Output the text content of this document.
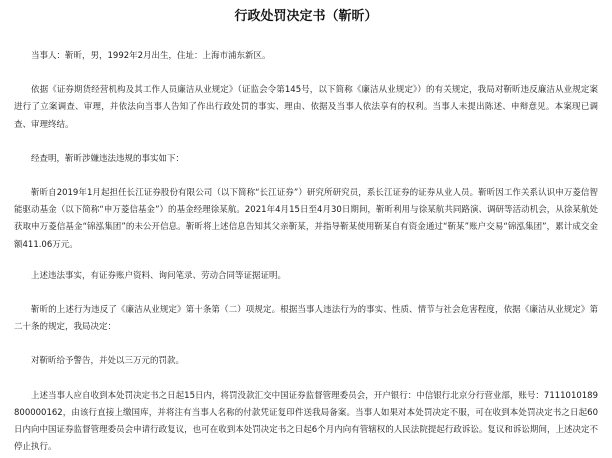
行政处罚决定书（靳昕）

当事人：靳昕，男，1992年2月出生，住址：上海市浦东新区。

依据《证券期货经营机构及其工作人员廉洁从业规定》（证监会令第145号，以下简称《廉洁从业规定》）的有关规定，我局对靳昕违反廉洁从业规定案进行了立案调查、审理，并依法向当事人告知了作出行政处罚的事实、理由、依据及当事人依法享有的权利。当事人未提出陈述、申辩意见。本案现已调查、审理终结。

经查明，靳昕涉嫌违法违规的事实如下：

靳昕自2019年1月起担任长江证券股份有限公司（以下简称“长江证券”）研究所研究员，系长江证券的证券从业人员。靳昕因工作关系认识申万菱信智能驱动基金（以下简称“申万菱信基金”）的基金经理徐某航。2021年4月15日至4月30日期间，靳昕利用与徐某航共同路演、调研等活动机会，从徐某航处获取申万菱信基金“锦泓集团”的未公开信息。靳昕将上述信息告知其父亲靳某，并指导靳某使用靳某自有资金通过“靳某”账户交易“锦泓集团”，累计成交金额411.06万元。

上述违法事实，有证券账户资料、询问笔录、劳动合同等证据证明。

靳昕的上述行为违反了《廉洁从业规定》第十条第（二）项规定。根据当事人违法行为的事实、性质、情节与社会危害程度，依据《廉洁从业规定》第二十条的规定，我局决定：

对靳昕给予警告，并处以三万元的罚款。

上述当事人应自收到本处罚决定书之日起15日内，将罚没款汇交中国证券监督管理委员会，开户银行：中信银行北京分行营业部，账号：7111010189800000162，由该行直接上缴国库，并将注有当事人名称的付款凭证复印件送我局备案。当事人如果对本处罚决定不服，可在收到本处罚决定书之日起60日内向中国证券监督管理委员会申请行政复议，也可在收到本处罚决定书之日起6个月内向有管辖权的人民法院提起行政诉讼。复议和诉讼期间，上述决定不停止执行。
